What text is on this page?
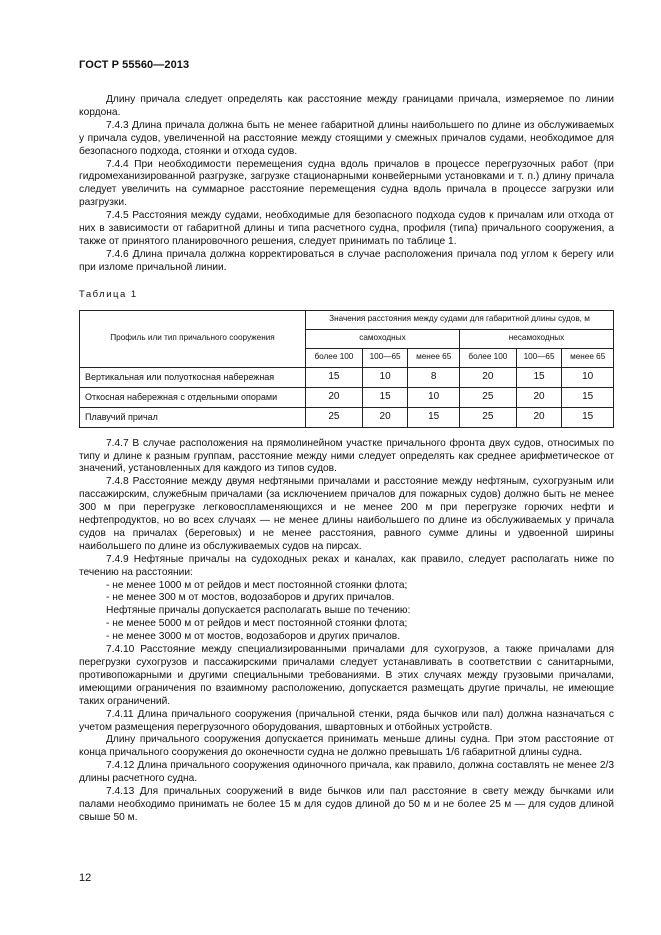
ГОСТ Р 55560—2013

Длину причала следует определять как расстояние между границами причала, измеряемое по линии кордона.

7.4.3 Длина причала должна быть не менее габаритной длины наибольшего по длине из обслуживаемых у причала судов, увеличенной на расстояние между стоящими у смежных причалов судами, необходимое для безопасного подхода, стоянки и отхода судов.

7.4.4 При необходимости перемещения судна вдоль причалов в процессе перегрузочных работ (при гидромеханизированной разгрузке, загрузке стационарными конвейерными установками и т. п.) длину причала следует увеличить на суммарное расстояние перемещения судна вдоль причала в процессе загрузки или разгрузки.

7.4.5 Расстояния между судами, необходимые для безопасного подхода судов к причалам или отхода от них в зависимости от габаритной длины и типа расчетного судна, профиля (типа) причального сооружения, а также от принятого планировочного решения, следует принимать по таблице 1.

7.4.6 Длина причала должна корректироваться в случае расположения причала под углом к берегу или при изломе причальной линии.

Таблица 1
Профиль или тип причального сооружения	Значения расстояния между судами для габаритной длины судов, м					
	самоходных			несамоходных		
	более 100	100—65	менее 65	более 100	100—65	менее 65
Вертикальная или полуоткосная набережная	15	10	8	20	15	10
Откосная набережная с отдельными опорами	20	15	10	25	20	15
Плавучий причал	25	20	15	25	20	15

7.4.7 В случае расположения на прямолинейном участке причального фронта двух судов, относимых по типу и длине к разным группам, расстояние между ними следует определять как среднее арифметическое от значений, установленных для каждого из типов судов.

7.4.8 Расстояние между двумя нефтяными причалами и расстояние между нефтяным, сухогрузным или пассажирским, служебным причалами (за исключением причалов для пожарных судов) должно быть не менее 300 м при перегрузке легковоспламеняющихся и не менее 200 м при перегрузке горючих нефти и нефтепродуктов, но во всех случаях — не менее длины наибольшего по длине из обслуживаемых у причала судов на причалах (береговых) и не менее расстояния, равного сумме длины и удвоенной ширины наибольшего по длине из обслуживаемых судов на пирсах.

7.4.9 Нефтяные причалы на судоходных реках и каналах, как правило, следует располагать ниже по течению на расстоянии:

- не менее 1000 м от рейдов и мест постоянной стоянки флота;

- не менее 300 м от мостов, водозаборов и других причалов.

Нефтяные причалы допускается располагать выше по течению:

- не менее 5000 м от рейдов и мест постоянной стоянки флота;

- не менее 3000 м от мостов, водозаборов и других причалов.

7.4.10 Расстояние между специализированными причалами для сухогрузов, а также причалами для перегрузки сухогрузов и пассажирскими причалами следует устанавливать в соответствии с санитарными, противопожарными и другими специальными требованиями. В этих случаях между грузовыми причалами, имеющими ограничения по взаимному расположению, допускается размещать другие причалы, не имеющие таких ограничений.

7.4.11 Длина причального сооружения (причальной стенки, ряда бычков или пал) должна назначаться с учетом размещения перегрузочного оборудования, швартовных и отбойных устройств.

Длину причального сооружения допускается принимать меньше длины судна. При этом расстояние от конца причального сооружения до оконечности судна не должно превышать 1/6 габаритной длины судна.

7.4.12 Длина причального сооружения одиночного причала, как правило, должна составлять не менее 2/3 длины расчетного судна.

7.4.13 Для причальных сооружений в виде бычков или пал расстояние в свету между бычками или палами необходимо принимать не более 15 м для судов длиной до 50 м и не более 25 м — для судов длиной свыше 50 м.

12
